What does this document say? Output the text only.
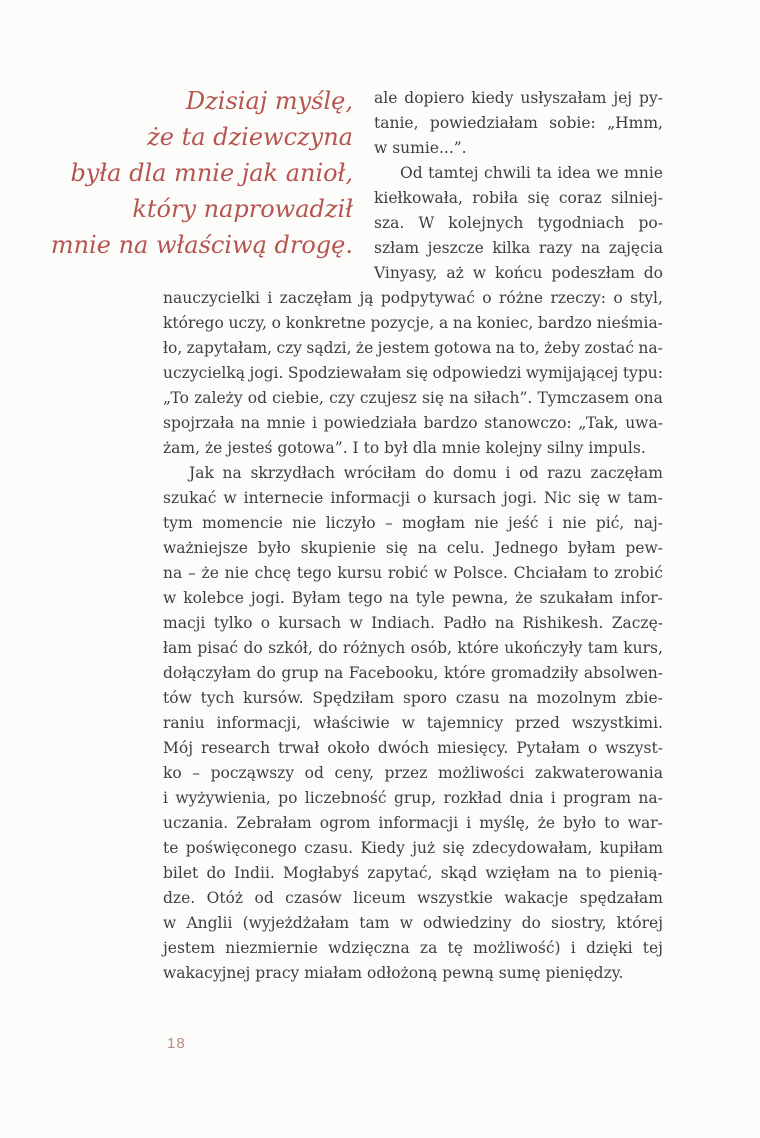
Dzisiaj myślę,
że ta dziewczyna
była dla mnie jak anioł,
który naprowadził
mnie na właściwą drogę.
ale dopiero kiedy usłyszałam jej py-
tanie, powiedziałam sobie: „Hmm,
w sumie...”.
Od tamtej chwili ta idea we mnie
kiełkowała, robiła się coraz silniej-
sza. W kolejnych tygodniach po-
szłam jeszcze kilka razy na zajęcia
Vinyasy, aż w końcu podeszłam do
nauczycielki i zaczęłam ją podpytywać o różne rzeczy: o styl,
którego uczy, o konkretne pozycje, a na koniec, bardzo nieśmia-
ło, zapytałam, czy sądzi, że jestem gotowa na to, żeby zostać na-
uczycielką jogi. Spodziewałam się odpowiedzi wymijającej typu:
„To zależy od ciebie, czy czujesz się na siłach”. Tymczasem ona
spojrzała na mnie i powiedziała bardzo stanowczo: „Tak, uwa-
żam, że jesteś gotowa”. I to był dla mnie kolejny silny impuls.
Jak na skrzydłach wróciłam do domu i od razu zaczęłam
szukać w internecie informacji o kursach jogi. Nic się w tam-
tym momencie nie liczyło – mogłam nie jeść i nie pić, naj-
ważniejsze było skupienie się na celu. Jednego byłam pew-
na – że nie chcę tego kursu robić w Polsce. Chciałam to zrobić
w kolebce jogi. Byłam tego na tyle pewna, że szukałam infor-
macji tylko o kursach w Indiach. Padło na Rishikesh. Zaczę-
łam pisać do szkół, do różnych osób, które ukończyły tam kurs,
dołączyłam do grup na Facebooku, które gromadziły absolwen-
tów tych kursów. Spędziłam sporo czasu na mozolnym zbie-
raniu informacji, właściwie w tajemnicy przed wszystkimi.
Mój research trwał około dwóch miesięcy. Pytałam o wszyst-
ko – począwszy od ceny, przez możliwości zakwaterowania
i wyżywienia, po liczebność grup, rozkład dnia i program na-
uczania. Zebrałam ogrom informacji i myślę, że było to war-
te poświęconego czasu. Kiedy już się zdecydowałam, kupiłam
bilet do Indii. Mogłabyś zapytać, skąd wzięłam na to pienią-
dze. Otóż od czasów liceum wszystkie wakacje spędzałam
w Anglii (wyjeżdżałam tam w odwiedziny do siostry, której
jestem niezmiernie wdzięczna za tę możliwość) i dzięki tej
wakacyjnej pracy miałam odłożoną pewną sumę pieniędzy.
18
